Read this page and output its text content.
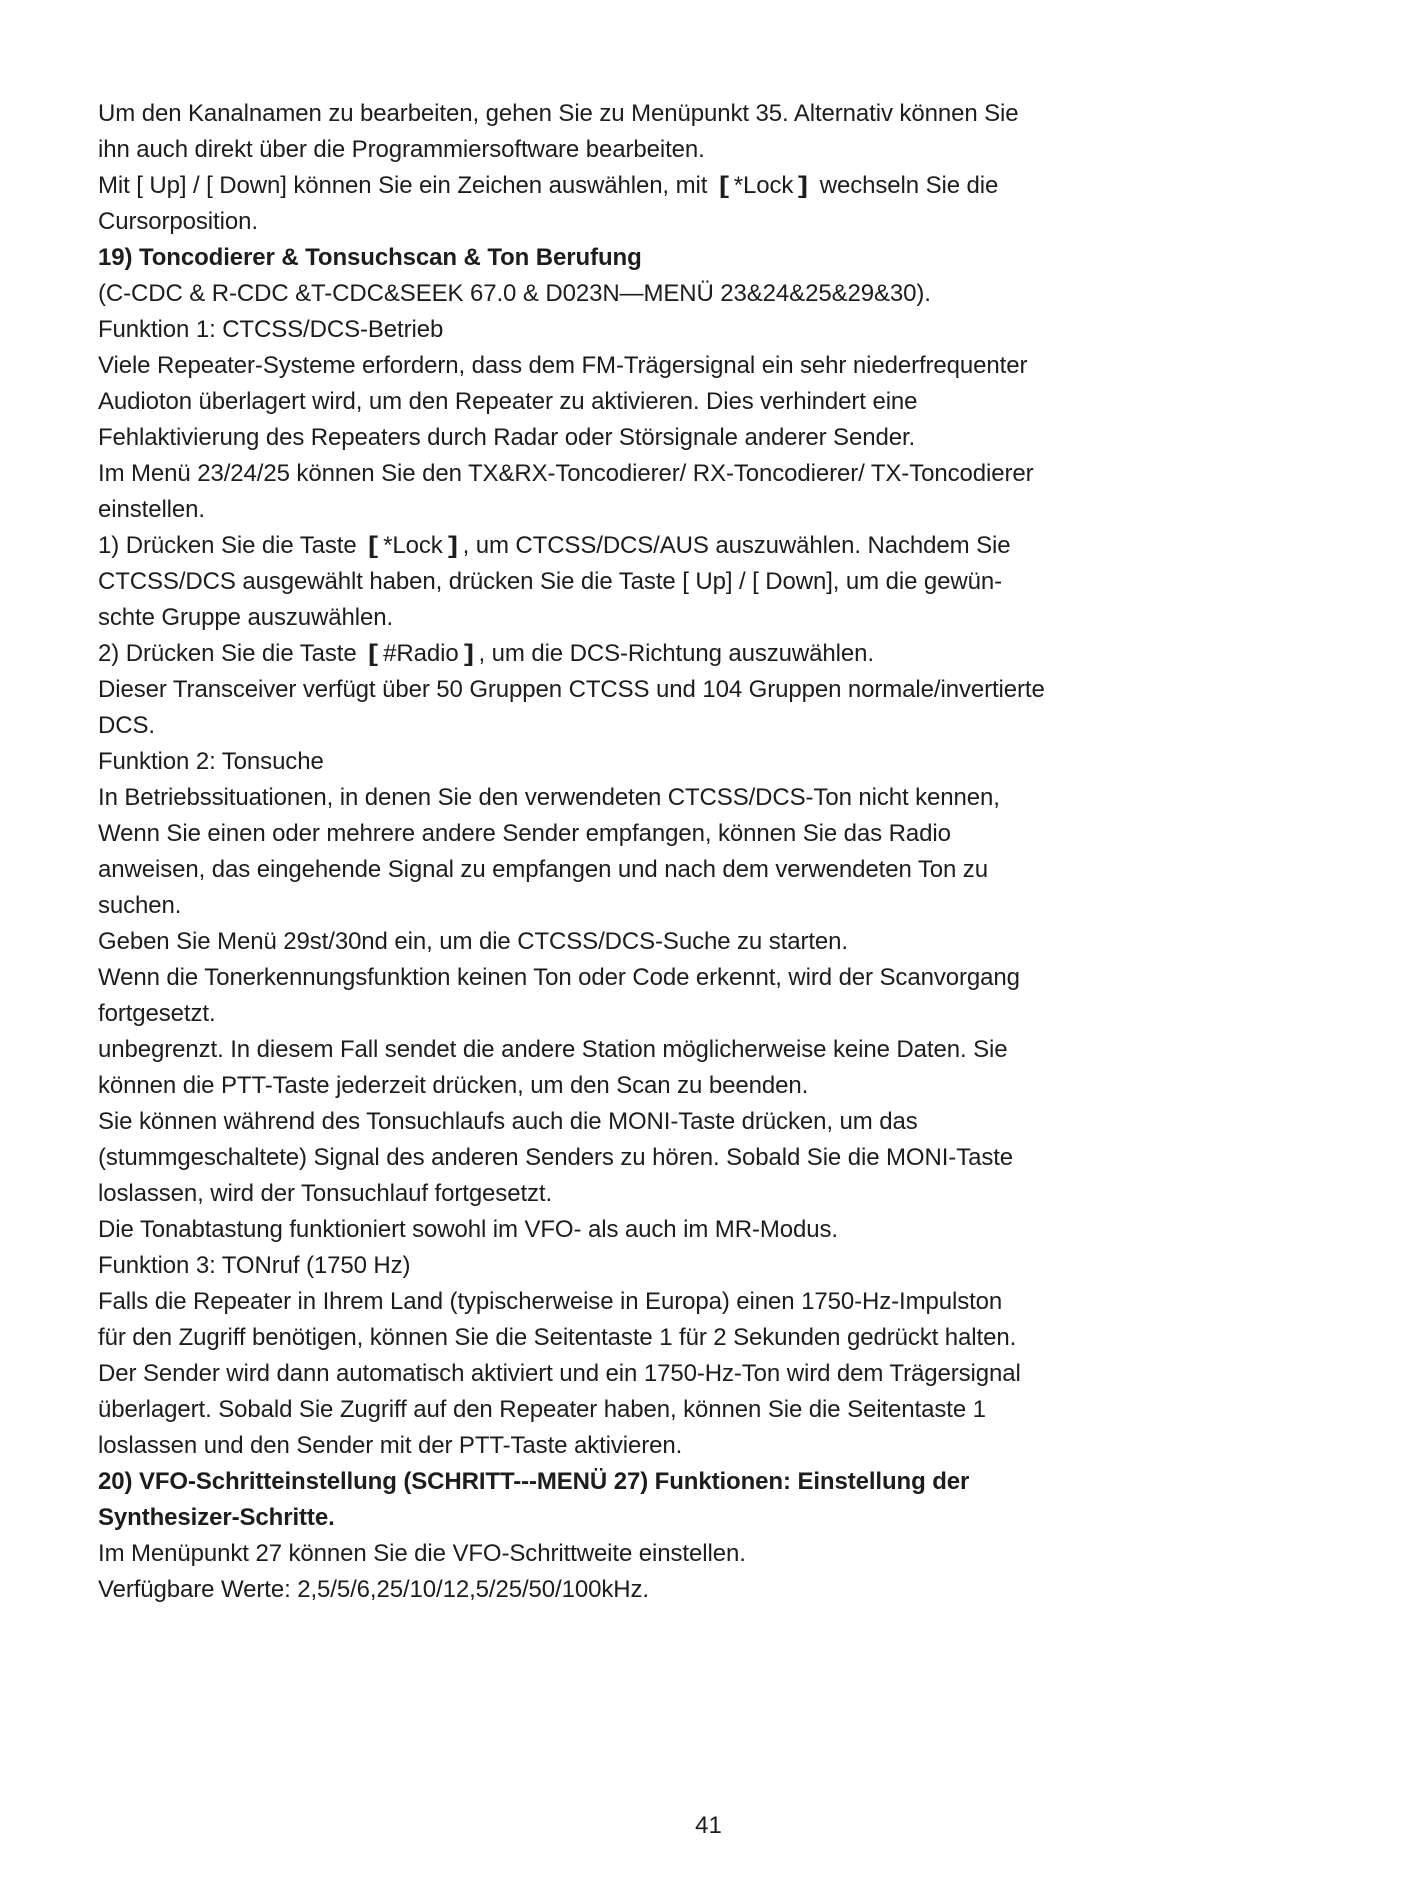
Um den Kanalnamen zu bearbeiten, gehen Sie zu Menüpunkt 35. Alternativ können Sie

ihn auch direkt über die Programmiersoftware bearbeiten.

Mit [ Up] / [ Down] können Sie ein Zeichen auswählen, mit [ *Lock ] wechseln Sie die

Cursorposition.

19) Toncodierer & Tonsuchscan & Ton Berufung

(C-CDC & R-CDC &T-CDC&SEEK 67.0 & D023N—MENÜ 23&24&25&29&30).

Funktion 1: CTCSS/DCS-Betrieb

Viele Repeater-Systeme erfordern, dass dem FM-Trägersignal ein sehr niederfrequenter

Audioton überlagert wird, um den Repeater zu aktivieren. Dies verhindert eine

Fehlaktivierung des Repeaters durch Radar oder Störsignale anderer Sender.

Im Menü 23/24/25 können Sie den TX&RX-Toncodierer/ RX-Toncodierer/ TX-Toncodierer

einstellen.

1) Drücken Sie die Taste [ *Lock ] , um CTCSS/DCS/AUS auszuwählen. Nachdem Sie

CTCSS/DCS ausgewählt haben, drücken Sie die Taste [ Up] / [ Down], um die gewün-

schte Gruppe auszuwählen.

2) Drücken Sie die Taste [ #Radio ] , um die DCS-Richtung auszuwählen.

Dieser Transceiver verfügt über 50 Gruppen CTCSS und 104 Gruppen normale/invertierte

DCS.

Funktion 2: Tonsuche

In Betriebssituationen, in denen Sie den verwendeten CTCSS/DCS-Ton nicht kennen,

Wenn Sie einen oder mehrere andere Sender empfangen, können Sie das Radio

anweisen, das eingehende Signal zu empfangen und nach dem verwendeten Ton zu

suchen.

Geben Sie Menü 29st/30nd ein, um die CTCSS/DCS-Suche zu starten.

Wenn die Tonerkennungsfunktion keinen Ton oder Code erkennt, wird der Scanvorgang

fortgesetzt.

unbegrenzt. In diesem Fall sendet die andere Station möglicherweise keine Daten. Sie

können die PTT-Taste jederzeit drücken, um den Scan zu beenden.

Sie können während des Tonsuchlaufs auch die MONI-Taste drücken, um das

(stummgeschaltete) Signal des anderen Senders zu hören. Sobald Sie die MONI-Taste

loslassen, wird der Tonsuchlauf fortgesetzt.

Die Tonabtastung funktioniert sowohl im VFO- als auch im MR-Modus.

Funktion 3: TONruf (1750 Hz)

Falls die Repeater in Ihrem Land (typischerweise in Europa) einen 1750-Hz-Impulston

für den Zugriff benötigen, können Sie die Seitentaste 1 für 2 Sekunden gedrückt halten.

Der Sender wird dann automatisch aktiviert und ein 1750-Hz-Ton wird dem Trägersignal

überlagert. Sobald Sie Zugriff auf den Repeater haben, können Sie die Seitentaste 1

loslassen und den Sender mit der PTT-Taste aktivieren.

20) VFO-Schritteinstellung (SCHRITT---MENÜ 27) Funktionen: Einstellung der

Synthesizer-Schritte.

Im Menüpunkt 27 können Sie die VFO-Schrittweite einstellen.

Verfügbare Werte: 2,5/5/6,25/10/12,5/25/50/100kHz.

41
